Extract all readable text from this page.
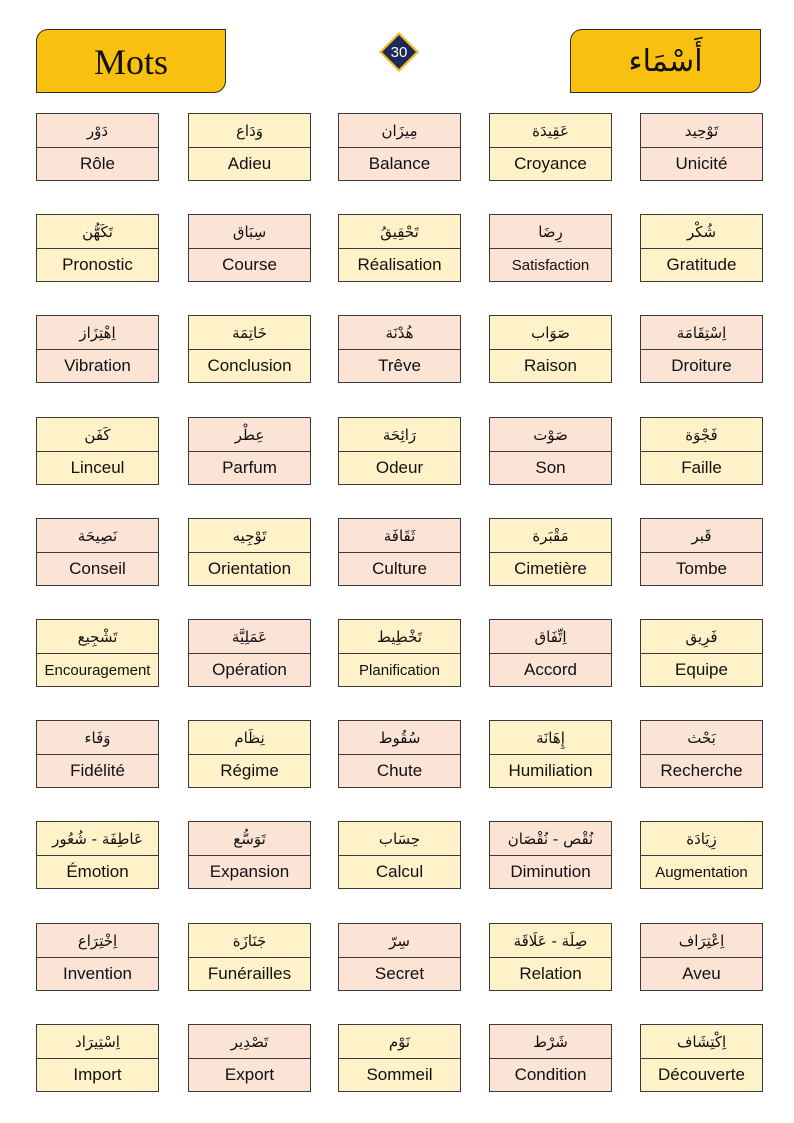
Mots	30	أَسْمَاء
دَوْر
Rôle
وَدَاع
Adieu
مِيزَان
Balance
عَقِيدَة
Croyance
تَوْحِيد
Unicité
تَكَهُّن
Pronostic
سِبَاق
Course
تَحْقِيقُ
Réalisation
رِضَا
Satisfaction
شُكْر
Gratitude
اِهْتِزَاز
Vibration
خَاتِمَة
Conclusion
هُدْنَة
Trêve
صَوَاب
Raison
اِسْتِقَامَة
Droiture
كَفَن
Linceul
عِطْر
Parfum
رَائِحَة
Odeur
صَوْت
Son
فَجْوَة
Faille
نَصِيحَة
Conseil
تَوْجِيه
Orientation
ثَقَافَة
Culture
مَقْبَرة
Cimetière
قَبر
Tombe
تَشْجِيع
Encouragement
عَمَلِيَّة
Opération
تَخْطِيط
Planification
اِتِّفَاق
Accord
فَرِيق
Equipe
وَفَاء
Fidélité
نِظَام
Régime
سُقُوط
Chute
إِهَانَة
Humiliation
بَحْث
Recherche
عَاطِفَة - شُعُور
Émotion
تَوَسُّع
Expansion
حِسَاب
Calcul
نُقْص - نُقْصَان
Diminution
زِيَادَة
Augmentation
اِخْتِرَاع
Invention
جَنَازَة
Funérailles
سِرّ
Secret
صِلَة - عَلَاقَة
Relation
اِعْتِرَاف
Aveu
اِسْتِيرَاد
Import
تَصْدِير
Export
نَوْم
Sommeil
شَرْط
Condition
اِكْتِشَاف
Découverte
